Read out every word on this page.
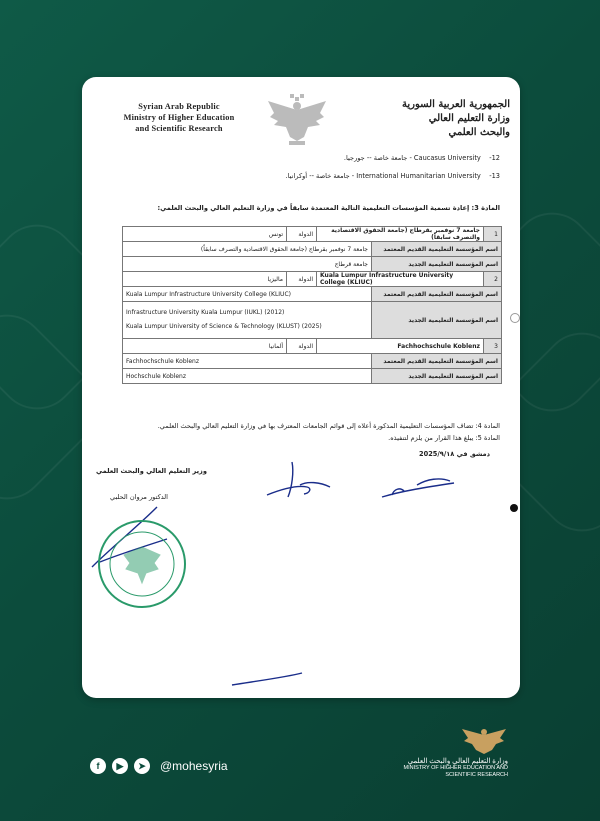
Syrian Arab Republic
Ministry of Higher Education
and Scientific Research
الجمهورية العربية السورية
وزارة التعليم العالي
والبحث العلمي
12-    Caucasus University - جامعة خاصة -- جورجيا.
13-    International Humanitarian University - جامعة خاصة -- أوكرانيا.
المادة 3: إعادة تسمية المؤسسات التعليمية التالية المعتمدة سابقاً في وزارة التعليم العالي والبحث العلمي:
1	جامعة 7 نوفمبر بقرطاج (جامعة الحقوق الاقتصادية والتصرف سابقاً)		الدولة	تونس
اسم المؤسسة التعليمية القديم المعتمد		جامعة 7 نوفمبر بقرطاج (جامعة الحقوق الاقتصادية والتصرف سابقاً)		
اسم المؤسسة التعليمية الجديد		جامعة قرطاج		
2	Kuala Lumpur Infrastructure University College (KLIUC)		الدولة	ماليزيا
اسم المؤسسة التعليمية القديم المعتمد		Kuala Lumpur Infrastructure University College (KLIUC)		
اسم المؤسسة التعليمية الجديد		Infrastructure University Kuala Lumpur (IUKL) (2012)
Kuala Lumpur University of Science & Technology (KLUST) (2025)		

3	Fachhochschule Koblenz		الدولة	ألمانيا
اسم المؤسسة التعليمية القديم المعتمد		Fachhochschule Koblenz		
اسم المؤسسة التعليمية الجديد		Hochschule Koblenz		
المادة 4: تضاف المؤسسات التعليمية المذكورة أعلاه إلى قوائم الجامعات المعترف بها في وزارة التعليم العالي والبحث العلمي.
المادة 5: يبلغ هذا القرار من يلزم لتنفيذه.
دمشق في 2025/٩/١٨
وزير التعليم العالي والبحث العلمي
الدكتور مروان الحلبي
f	▶	➤	@mohesyria	وزارة التعليم العالي والبحث العلمي
MINISTRY OF HIGHER EDUCATION AND
SCIENTIFIC RESEARCH
